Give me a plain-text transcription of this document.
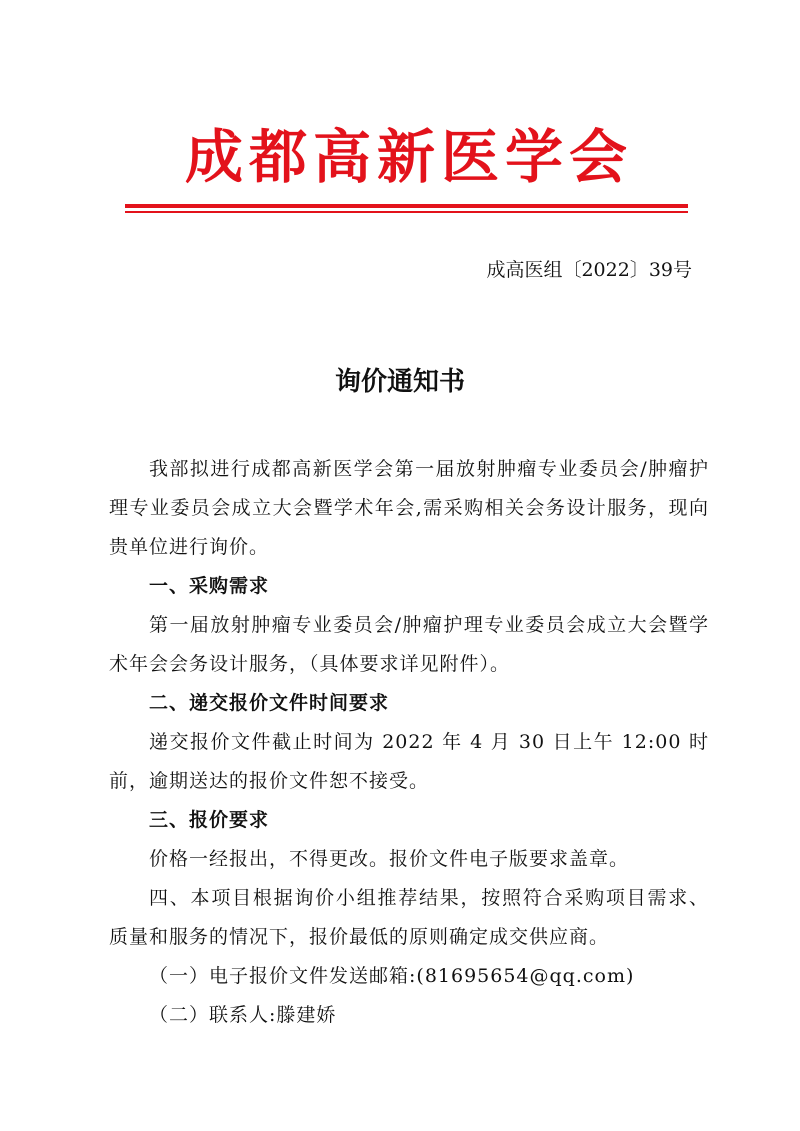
成都高新医学会
成高医组〔2022〕39号
询价通知书

我部拟进行成都高新医学会第一届放射肿瘤专业委员会/肿瘤护理专业委员会成立大会暨学术年会,需采购相关会务设计服务，现向贵单位进行询价。

一、采购需求

第一届放射肿瘤专业委员会/肿瘤护理专业委员会成立大会暨学术年会会务设计服务，（具体要求详见附件）。

二、递交报价文件时间要求

递交报价文件截止时间为 2022 年 4 月 30 日上午 12:00 时前，逾期送达的报价文件恕不接受。

三、报价要求

价格一经报出，不得更改。报价文件电子版要求盖章。

四、本项目根据询价小组推荐结果，按照符合采购项目需求、质量和服务的情况下，报价最低的原则确定成交供应商。

（一）电子报价文件发送邮箱:(81695654@qq.com)

（二）联系人:滕建娇
